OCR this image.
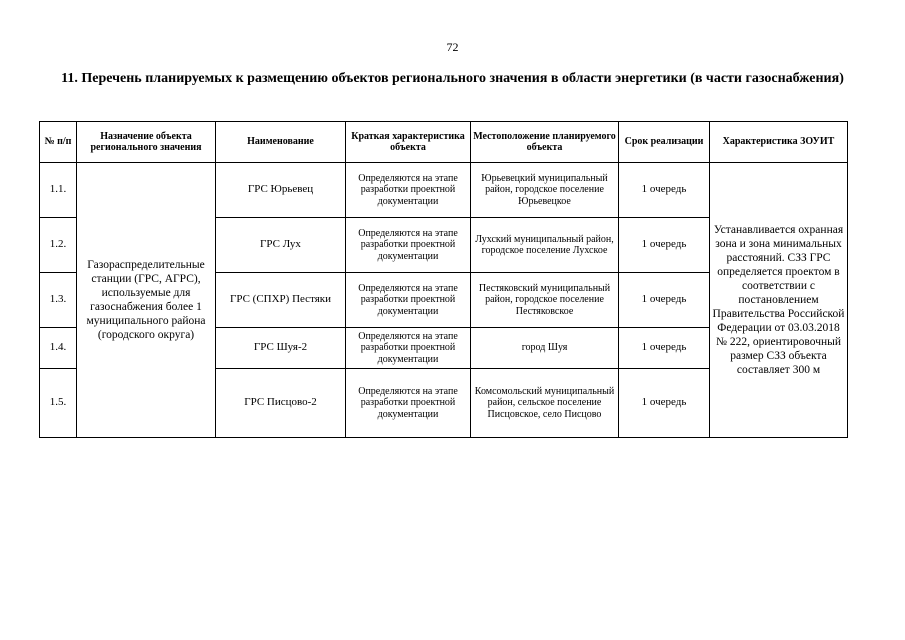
72
11. Перечень планируемых к размещению объектов регионального значения в области энергетики (в части газоснабжения)
№ п/п	Назначение объекта регионального значения	Наименование	Краткая характеристика объекта	Местоположение планируемого объекта	Срок реализации	Характеристика ЗОУИТ
1.1.	Газораспределительные станции (ГРС, АГРС), используемые для газоснабжения более 1 муниципального района (городского округа)	ГРС Юрьевец	Определяются на этапе разработки проектной документации	Юрьевецкий муниципальный район, городское поселение Юрьевецкое	1 очередь	Устанавливается охранная зона и зона минимальных расстояний. СЗЗ ГРС определяется проектом в соответствии с постановлением Правительства Российской Федерации от 03.03.2018 № 222, ориентировочный размер СЗЗ объекта составляет 300 м
1.2.		ГРС Лух	Определяются на этапе разработки проектной документации	Лухский муниципальный район, городское поселение Лухское	1 очередь	
1.3.		ГРС (СПХР) Пестяки	Определяются на этапе разработки проектной документации	Пестяковский муниципальный район, городское поселение Пестяковское	1 очередь	
1.4.		ГРС Шуя-2	Определяются на этапе разработки проектной документации	город Шуя	1 очередь	
1.5.		ГРС Писцово-2	Определяются на этапе разработки проектной документации	Комсомольский муниципальный район, сельское поселение Писцовское, село Писцово	1 очередь	
